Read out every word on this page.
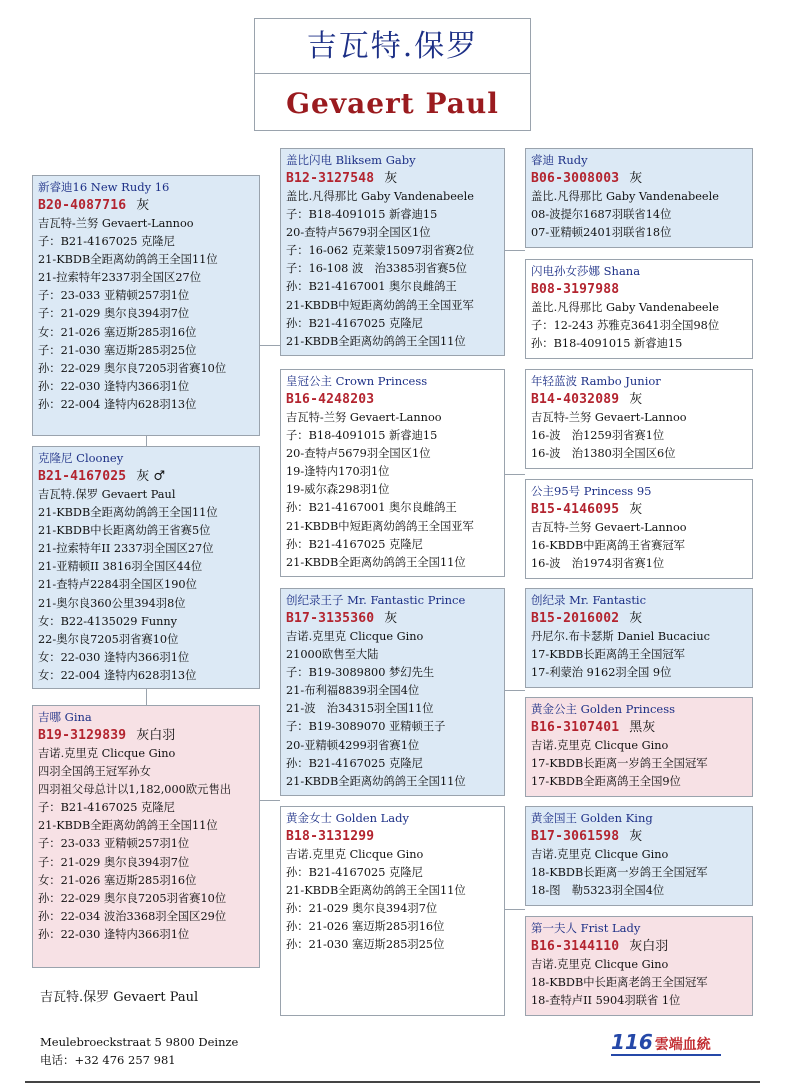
吉瓦特.保罗
Gevaert Paul
新睿迪16 New Rudy 16
B20-4087716 灰
吉瓦特-兰努 Gevaert-Lannoo
子：B21-4167025 克隆尼
21-KBDB全距离幼鸽鸽王全国11位
21-拉索特年2337羽全国区27位
子：23-033 亚精顿257羽1位
子：21-029 奥尔良394羽7位
女：21-026 塞迈斯285羽16位
子：21-030 塞迈斯285羽25位
孙：22-029 奥尔良7205羽省赛10位
孙：22-030 逢特内366羽1位
孙：22-004 逢特内628羽13位
克隆尼 Clooney
B21-4167025 灰 ♂
吉瓦特.保罗 Gevaert Paul
21-KBDB全距离幼鸽鸽王全国11位
21-KBDB中长距离幼鸽王省赛5位
21-拉索特年II 2337羽全国区27位
21-亚精顿II 3816羽全国区44位
21-查特卢2284羽全国区190位
21-奥尔良360公里394羽8位
女：B22-4135029 Funny
22-奥尔良7205羽省赛10位
女：22-030 逢特内366羽1位
女：22-004 逢特内628羽13位
吉哪 Gina
B19-3129839 灰白羽
吉诺.克里克 Clicque Gino
四羽全国鸽王冠军孙女
四羽祖父母总计以1,182,000欧元售出
子：B21-4167025 克隆尼
21-KBDB全距离幼鸽鸽王全国11位
子：23-033 亚精顿257羽1位
子：21-029 奥尔良394羽7位
女：21-026 塞迈斯285羽16位
孙：22-029 奥尔良7205羽省赛10位
孙：22-034 波治3368羽全国区29位
孙：22-030 逢特内366羽1位
盖比闪电 Bliksem Gaby
B12-3127548 灰
盖比.凡得那比 Gaby Vandenabeele
子：B18-4091015 新睿迪15
20-查特卢5679羽全国区1位
子：16-062 克莱蒙15097羽省赛2位
子：16-108 波　治3385羽省赛5位
孙：B21-4167001 奥尔良雌鸽王
21-KBDB中短距离幼鸽鸽王全国亚军
孙：B21-4167025 克隆尼
21-KBDB全距离幼鸽鸽王全国11位
皇冠公主 Crown Princess
B16-4248203
吉瓦特-兰努 Gevaert-Lannoo
子：B18-4091015 新睿迪15
20-查特卢5679羽全国区1位
19-逢特内170羽1位
19-威尔森298羽1位
孙：B21-4167001 奥尔良雌鸽王
21-KBDB中短距离幼鸽鸽王全国亚军
孙：B21-4167025 克隆尼
21-KBDB全距离幼鸽鸽王全国11位
创纪录王子 Mr. Fantastic Prince
B17-3135360 灰
吉诺.克里克 Clicque Gino
21000欧售至大陆
子：B19-3089800 梦幻先生
21-布利福8839羽全国4位
21-波　治34315羽全国11位
子：B19-3089070 亚精顿王子
20-亚精顿4299羽省赛1位
孙：B21-4167025 克隆尼
21-KBDB全距离幼鸽鸽王全国11位
黄金女士 Golden Lady
B18-3131299
吉诺.克里克 Clicque Gino
孙：B21-4167025 克隆尼
21-KBDB全距离幼鸽鸽王全国11位
孙：21-029 奥尔良394羽7位
孙：21-026 塞迈斯285羽16位
孙：21-030 塞迈斯285羽25位
睿迪 Rudy
B06-3008003 灰
盖比.凡得那比 Gaby Vandenabeele
08-波提尔1687羽联省14位
07-亚精顿2401羽联省18位
闪电孙女莎娜 Shana
B08-3197988
盖比.凡得那比 Gaby Vandenabeele
子：12-243 苏雅克3641羽全国98位
孙：B18-4091015 新睿迪15
年轻蓝波 Rambo Junior
B14-4032089 灰
吉瓦特-兰努 Gevaert-Lannoo
16-波　治1259羽省赛1位
16-波　治1380羽全国区6位
公主95号 Princess 95
B15-4146095 灰
吉瓦特-兰努 Gevaert-Lannoo
16-KBDB中距离鸽王省赛冠军
16-波　治1974羽省赛1位
创纪录 Mr. Fantastic
B15-2016002 灰
丹尼尔.布卡瑟斯 Daniel Bucaciuc
17-KBDB长距离鸽王全国冠军
17-利蒙治 9162羽全国 9位
黄金公主 Golden Princess
B16-3107401 黑灰
吉诺.克里克 Clicque Gino
17-KBDB长距离一岁鸽王全国冠军
17-KBDB全距离鸽王全国9位
黄金国王 Golden King
B17-3061598 灰
吉诺.克里克 Clicque Gino
18-KBDB长距离一岁鸽王全国冠军
18-图　勒5323羽全国4位
第一夫人 Frist Lady
B16-3144110 灰白羽
吉诺.克里克 Clicque Gino
18-KBDB中长距离老鸽王全国冠军
18-查特卢II 5904羽联省 1位
吉瓦特.保罗 Gevaert Paul
Meulebroeckstraat 5 9800 Deinze
电话：+32 476 257 981
116 雲端血統
